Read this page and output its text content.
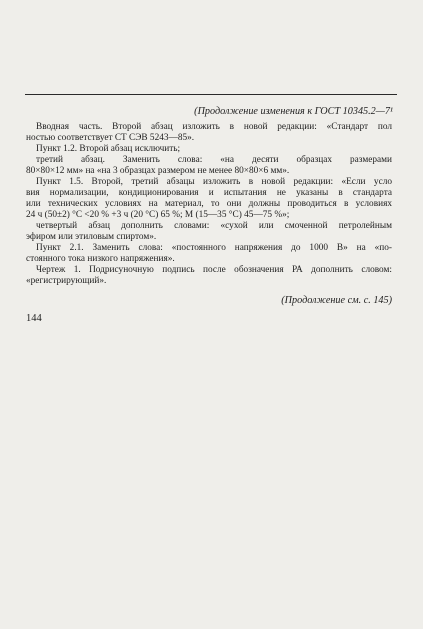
(Продолжение изменения к ГОСТ 10345.2—7¹
Вводная часть. Второй абзац изложить в новой редакции: «Стандарт пол
ностью соответствует СТ СЭВ 5243—85».
Пункт 1.2. Второй абзац исключить;
третий абзац. Заменить слова: «на десяти образцах размерами
80×80×12 мм» на «на 3 образцах размером не менее 80×80×6 мм».
Пункт 1.5. Второй, третий абзацы изложить в новой редакции: «Если усло
вия нормализации, кондиционирования и испытания не указаны в стандарта
или технических условиях на материал, то они должны проводиться в условиях
24 ч (50±2) °С <20 % +3 ч (20 °С) 65 %; М (15—35 °С) 45—75 %»;
четвертый абзац дополнить словами: «сухой или смоченной петролейным
эфиром или этиловым спиртом».
Пункт 2.1. Заменить слова: «постоянного напряжения до 1000 В» на «по-
стоянного тока низкого напряжения».
Чертеж 1. Подрисуночную подпись после обозначения РА дополнить словом:
«регистрирующий».
(Продолжение см. с. 145)
144
